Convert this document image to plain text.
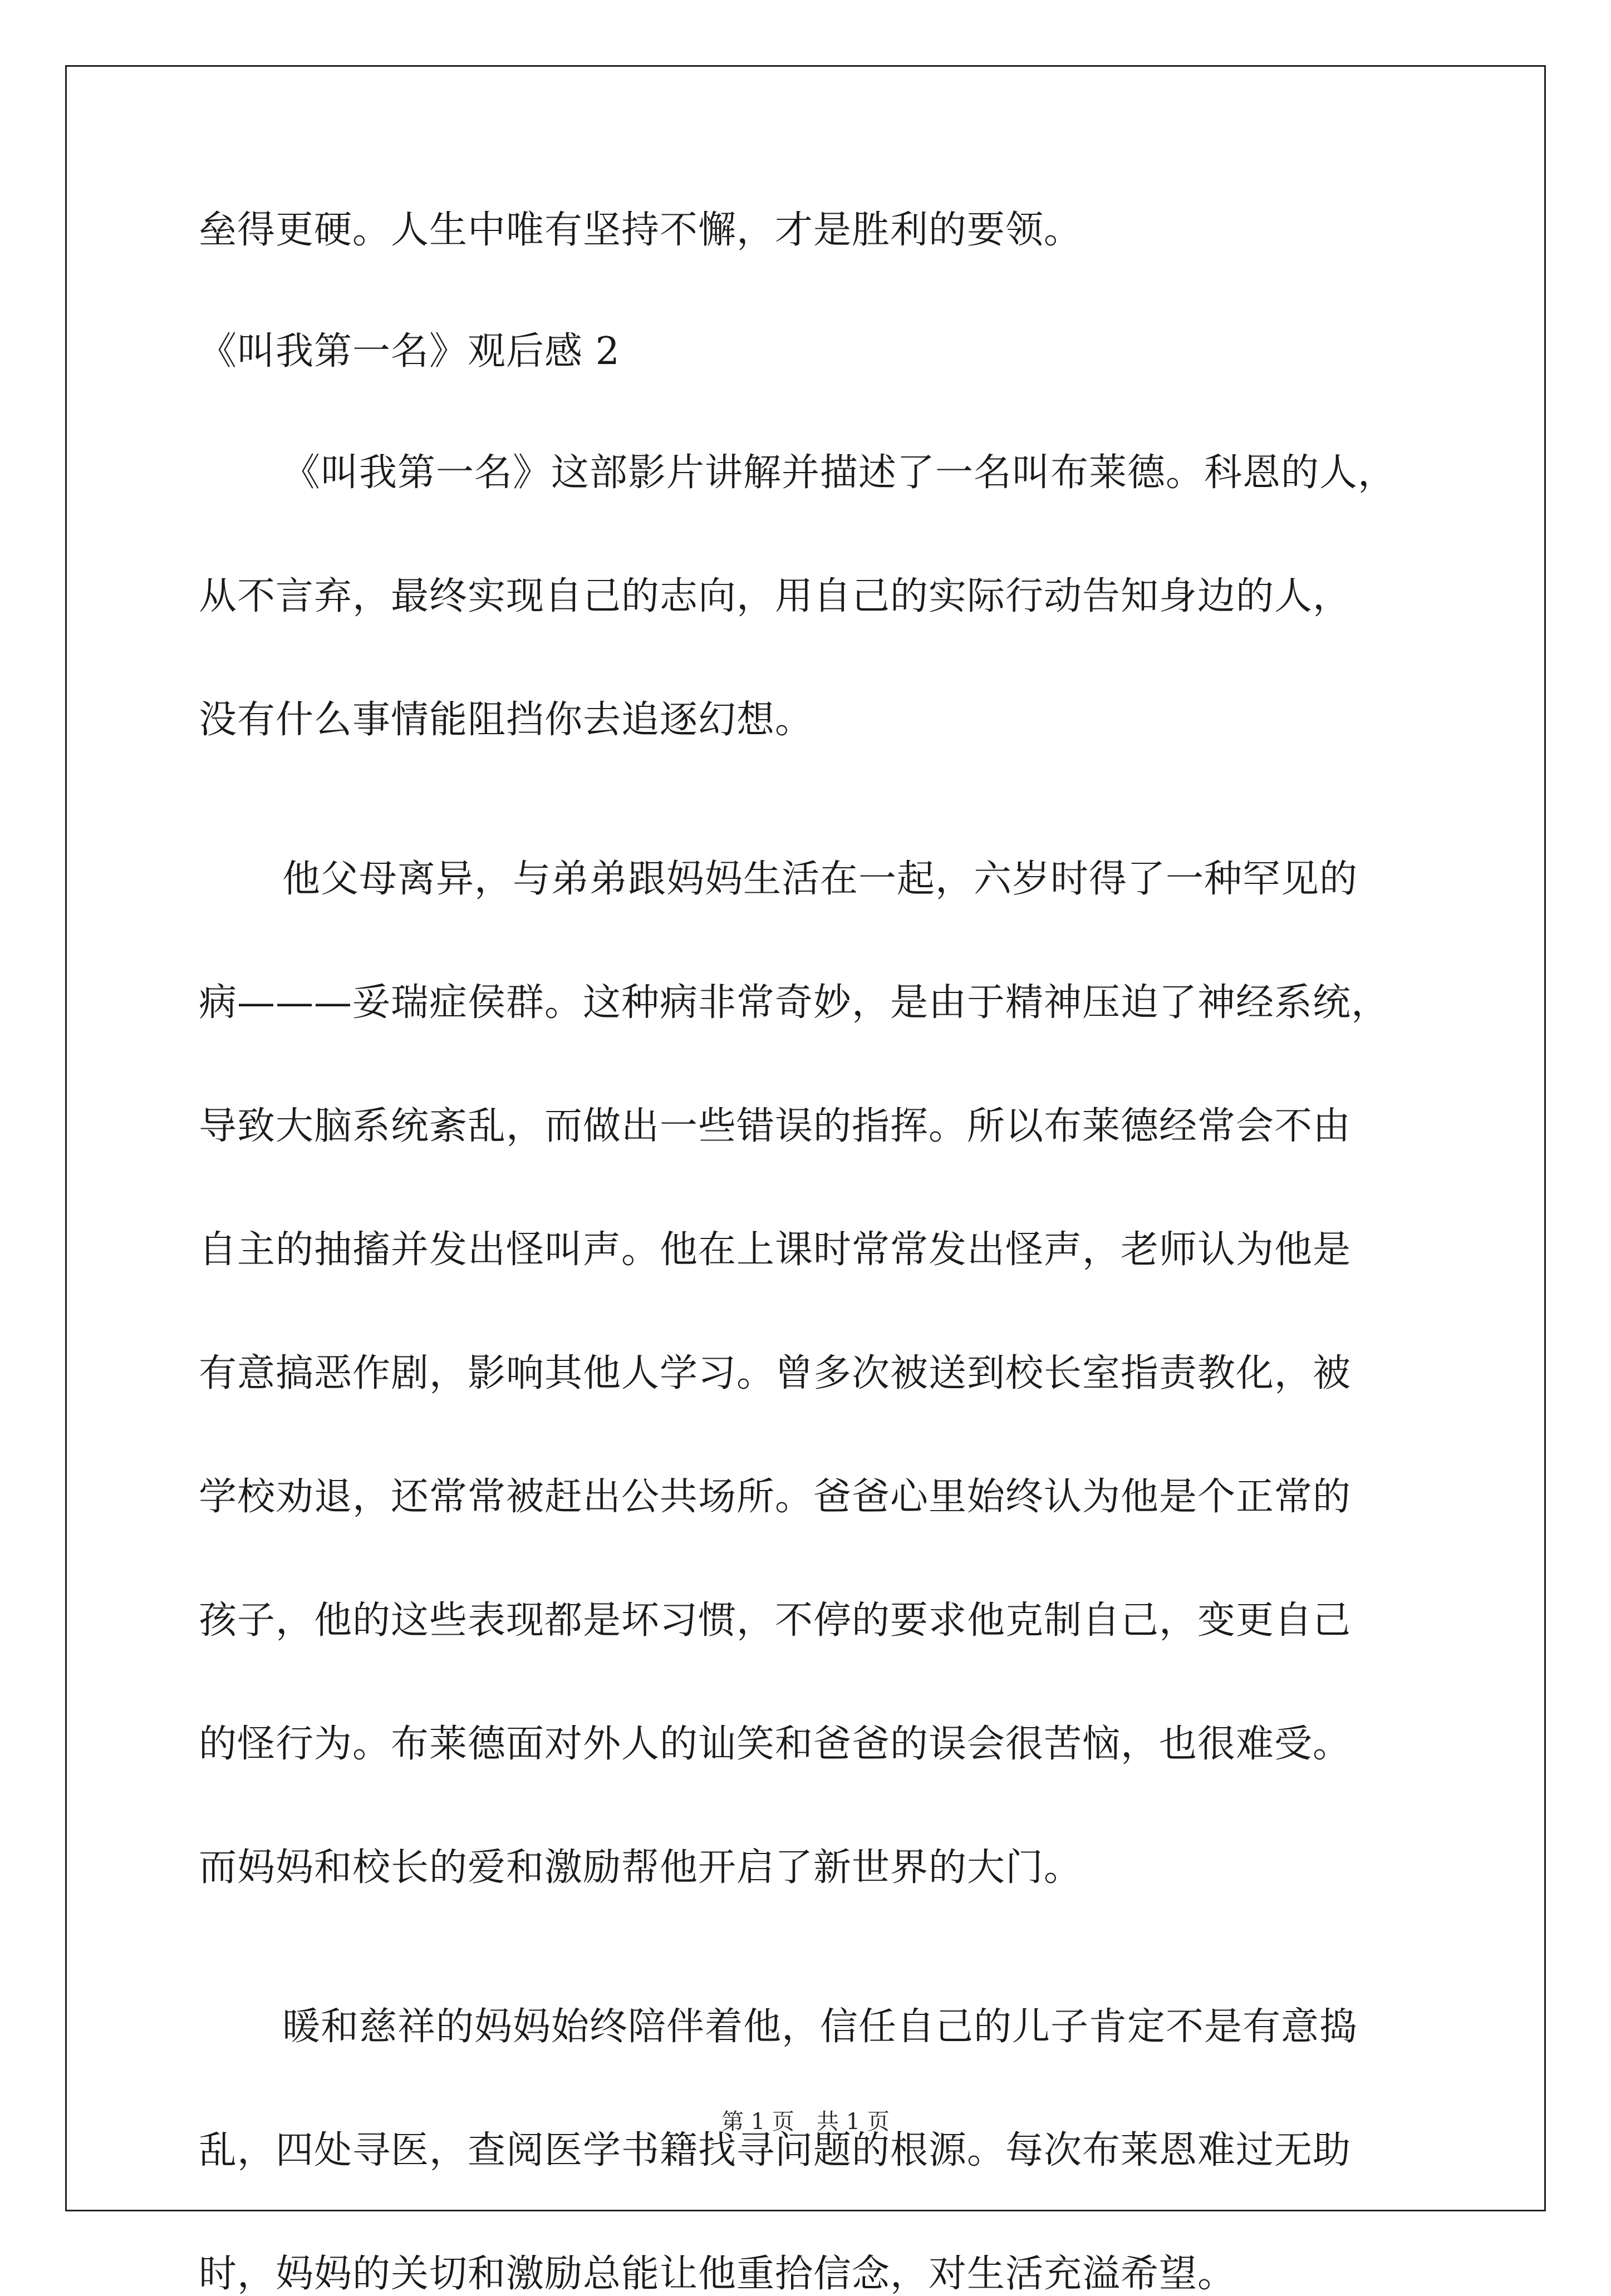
垒得更硬。人生中唯有坚持不懈，才是胜利的要领。
《叫我第一名》观后感 2
《叫我第一名》这部影片讲解并描述了一名叫布莱德。科恩的人，
从不言弃，最终实现自己的志向，用自己的实际行动告知身边的人，
没有什么事情能阻挡你去追逐幻想。
他父母离异，与弟弟跟妈妈生活在一起，六岁时得了一种罕见的
病———妥瑞症侯群。这种病非常奇妙，是由于精神压迫了神经系统，
导致大脑系统紊乱，而做出一些错误的指挥。所以布莱德经常会不由
自主的抽搐并发出怪叫声。他在上课时常常发出怪声，老师认为他是
有意搞恶作剧，影响其他人学习。曾多次被送到校长室指责教化，被
学校劝退，还常常被赶出公共场所。爸爸心里始终认为他是个正常的
孩子，他的这些表现都是坏习惯，不停的要求他克制自己，变更自己
的怪行为。布莱德面对外人的讪笑和爸爸的误会很苦恼，也很难受。
而妈妈和校长的爱和激励帮他开启了新世界的大门。
暖和慈祥的妈妈始终陪伴着他，信任自己的儿子肯定不是有意捣
乱，四处寻医，查阅医学书籍找寻问题的根源。每次布莱恩难过无助
时，妈妈的关切和激励总能让他重拾信念，对生活充溢希望。
第 1 页　共 1 页
